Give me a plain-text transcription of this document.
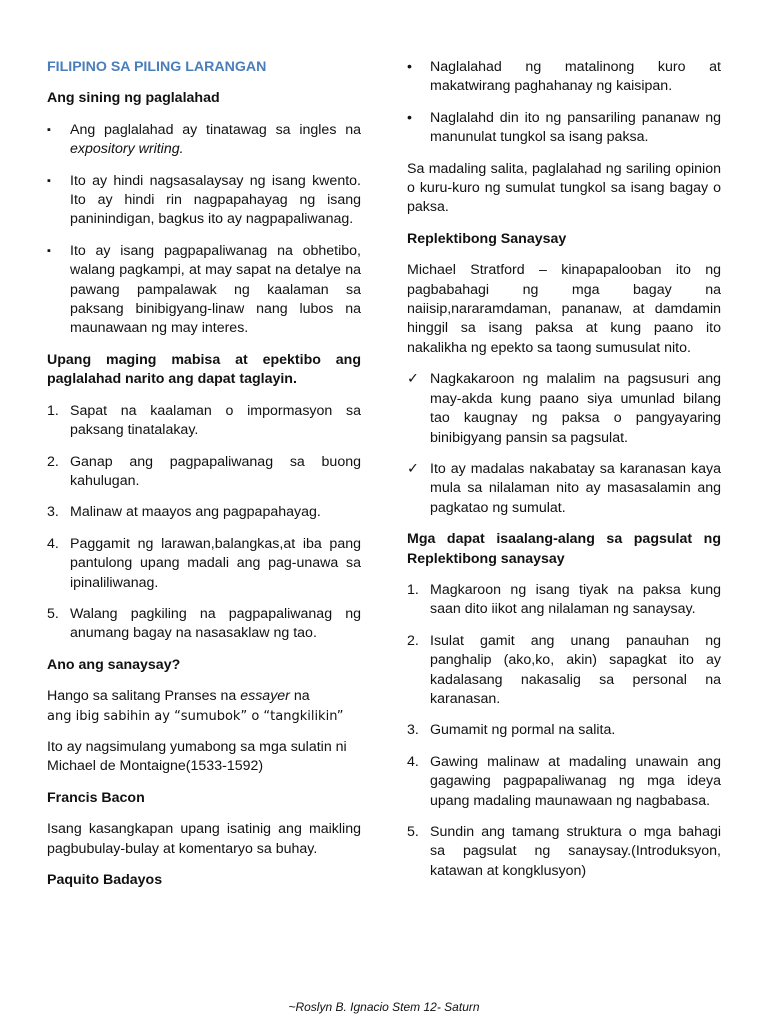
FILIPINO SA PILING LARANGAN

Ang sining ng paglalahad

▪	Ang paglalahad ay tinatawag sa ingles na expository writing.
▪	Ito ay hindi nagsasalaysay ng isang kwento. Ito ay hindi rin nagpapahayag ng isang paninindigan, bagkus ito ay nagpapaliwanag.
▪	Ito ay isang pagpapaliwanag na obhetibo, walang pagkampi, at may sapat na detalye na pawang pampalawak ng kaalaman sa paksang binibigyang-linaw nang lubos na maunawaan ng may interes.

Upang maging mabisa at epektibo ang paglalahad narito ang dapat taglayin.

1. Sapat na kaalaman o impormasyon sa paksang tinatalakay.
2. Ganap ang pagpapaliwanag sa buong kahulugan.
3. Malinaw at maayos ang pagpapahayag.
4. Paggamit ng larawan,balangkas,at iba pang pantulong upang madali ang pag-unawa sa ipinaliliwanag.
5. Walang pagkiling na pagpapaliwanag ng anumang bagay na nasasaklaw ng tao.

Ano ang sanaysay?

Hango sa salitang Pranses na essayer na
ang ibig sabihin ay “sumubok” o “tangkilikin”

Ito ay nagsimulang yumabong sa mga sulatin ni Michael de Montaigne(1533-1592)

Francis Bacon

Isang kasangkapan upang isatinig ang maikling pagbubulay-bulay at komentaryo sa buhay.

Paquito Badayos

•	Naglalahad ng matalinong kuro at makatwirang paghahanay ng kaisipan.
•	Naglalahd din ito ng pansariling pananaw ng manunulat tungkol sa isang paksa.

Sa madaling salita, paglalahad ng sariling opinion o kuru-kuro ng sumulat tungkol sa isang bagay o paksa.

Replektibong Sanaysay

Michael Stratford – kinapapalooban ito ng pagbabahagi ng mga bagay na naiisip,nararamdaman, pananaw, at damdamin hinggil sa isang paksa at kung paano ito nakalikha ng epekto sa taong sumusulat nito.

✓ Nagkakaroon ng malalim na pagsusuri ang may-akda kung paano siya umunlad bilang tao kaugnay ng paksa o pangyayaring binibigyang pansin sa pagsulat.
✓ Ito ay madalas nakabatay sa karanasan kaya mula sa nilalaman nito ay masasalamin ang pagkatao ng sumulat.

Mga dapat isaalang-alang sa pagsulat ng Replektibong sanaysay

1. Magkaroon ng isang tiyak na paksa kung saan dito iikot ang nilalaman ng sanaysay.
2. Isulat gamit ang unang panauhan ng panghalip (ako,ko, akin) sapagkat ito ay kadalasang nakasalig sa personal na karanasan.
3. Gumamit ng pormal na salita.
4. Gawing malinaw at madaling unawain ang gagawing pagpapaliwanag ng mga ideya upang madaling maunawaan ng nagbabasa.
5. Sundin ang tamang struktura o mga bahagi sa pagsulat ng sanaysay.(Introduksyon, katawan at kongklusyon)
~Roslyn B. Ignacio Stem 12- Saturn
